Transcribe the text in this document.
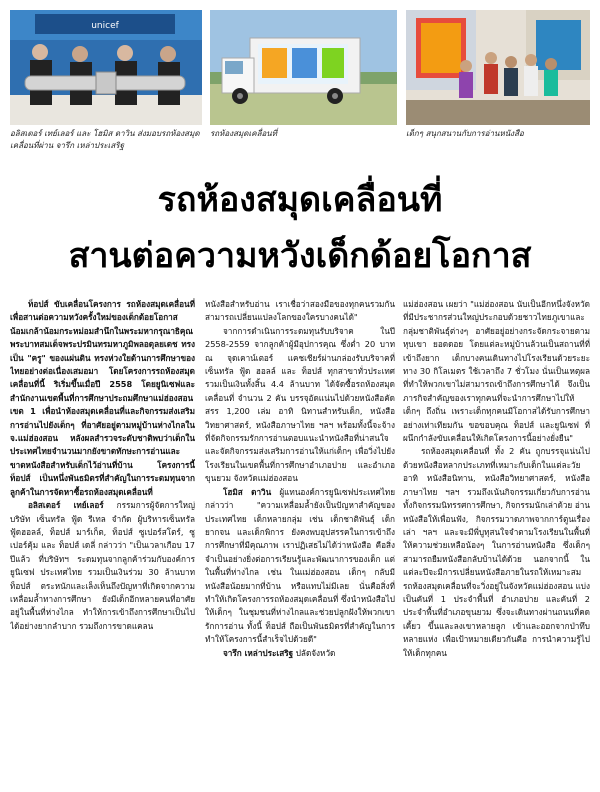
unicef
อลิสเตอร์ เทย์เลอร์ และ โฮมิส ดาวิน ส่งมอบรถห้องสมุดเคลื่อนที่ผ่าน จารึก เหล่าประเสริฐ
รถห้องสมุดเคลื่อนที่	เด็กๆ สนุกสนานกับการอ่านหนังสือ
รถห้องสมุดเคลื่อนที่
สานต่อความหวังเด็กด้อยโอกาส

ท็อปส์ ขับเคลื่อนโครงการ รถห้องสมุดเคลื่อนที่ เพื่อสานต่อความหวังครั้งใหม่ของเด็กด้อยโอกาส น้อมเกล้าน้อมกระหม่อมสำนึกในพระมหากรุณาธิคุณ พระบาทสมเด็จพระปรมินทรมหาภูมิพลอดุลยเดช ทรงเป็น "ครู" ของแผ่นดิน ทรงห่วงใยด้านการศึกษาของไทยอย่างต่อเนื่องเสมอมา โดยโครงการรถห้องสมุดเคลื่อนที่นี้ ริเริ่มขึ้นเมื่อปี 2558 โดยยูนิเซฟและสำนักงานเขตพื้นที่การศึกษาประถมศึกษาแม่ฮ่องสอน เขต 1 เพื่อนำห้องสมุดเคลื่อนที่และกิจกรรมส่งเสริมการอ่านไปยังเด็กๆ ที่อาศัยอยู่ตามหมู่บ้านห่างไกลใน จ.แม่ฮ่องสอน หลังผลสำรวจระดับชาติพบว่าเด็กในประเทศไทยจำนวนมากยังขาดทักษะการอ่านและขาดหนังสือสำหรับเด็กไว้อ่านที่บ้าน โครงการนี้ ท็อปส์ เป็นหนึ่งพันธมิตรที่สำคัญในการระดมทุนจากลูกค้าในการจัดหาซื้อรถห้องสมุดเคลื่อนที่

อลิสเตอร์ เทย์เลอร์ กรรมการผู้จัดการใหญ่ บริษัท เซ็นทรัล ฟู้ด รีเทล จำกัด ผู้บริหารเซ็นทรัล ฟู้ดฮอลล์, ท็อปส์ มาร์เก็ต, ท็อปส์ ซูเปอร์สโตร์, ซูเปอร์คุ้ม และ ท็อปส์ เดลี่ กล่าวว่า "เป็นเวลาเกือบ 17 ปีแล้ว ที่บริษัทฯ ระดมทุนจากลูกค้าร่วมกับองค์การยูนิเซฟ ประเทศไทย รวมเป็นเงินร่วม 30 ล้านบาท ท็อปส์ ตระหนักและเล็งเห็นถึงปัญหาที่เกิดจากความเหลื่อมล้ำทางการศึกษา ยังมีเด็กอีกหลายคนที่อาศัยอยู่ในพื้นที่ห่างไกล ทำให้การเข้าถึงการศึกษาเป็นไปได้อย่างยากลำบาก รวมถึงการขาดแคลน

หนังสือสำหรับอ่าน เราเชื่อว่าสองมือของทุกคนรวมกัน สามารถเปลี่ยนแปลงโลกของใครบางคนได้"

จากการดำเนินการระดมทุนรับบริจาค ในปี 2558-2559 จากลูกค้าผู้มีอุปการคุณ ซึ่งต่ำ 20 บาท ณ จุดเคาน์เตอร์ แคชเชียร์ผ่านกล่องรับบริจาคที่ เซ็นทรัล ฟู้ด ฮอลล์ และ ท็อปส์ ทุกสาขาทั่วประเทศ รวมเป็นเงินทั้งสิ้น 4.4 ล้านบาท ได้จัดซื้อรถห้องสมุดเคลื่อนที่ จำนวน 2 คัน บรรจุอัดแน่นไปด้วยหนังสือคัดสรร 1,200 เล่ม อาทิ นิทานสำหรับเด็ก, หนังสือวิทยาศาสตร์, หนังสือภาษาไทย ฯลฯ พร้อมทั้งนี้จะจ้างที่จัดกิจกรรมรักการอ่านตอบแนะนำหนังสือที่น่าสนใจและจัดกิจกรรมส่งเสริมการอ่านให้แก่เด็กๆ เพื่อวิ่งไปยังโรงเรียนในเขตพื้นที่การศึกษาอำเภอปาย และอำเภอขุนยวม จังหวัดแม่ฮ่องสอน

โฮมิส ดาวิน ผู้แทนองค์การยูนิเซฟประเทศไทย กล่าวว่า "ความเหลื่อมล้ำยังเป็นปัญหาสำคัญของประเทศไทย เด็กหลายกลุ่ม เช่น เด็กชาติพันธุ์ เด็กยากจน และเด็กพิการ ยังคงพบอุปสรรคในการเข้าถึงการศึกษาที่มีคุณภาพ เราปฏิเสธไม่ได้ว่าหนังสือ คือสิ่งจำเป็นอย่างยิ่งต่อการเรียนรู้และพัฒนาการของเด็ก แต่ในพื้นที่ห่างไกล เช่น ในแม่ฮ่องสอน เด็กๆ กลับมีหนังสือน้อยมากที่บ้าน หรือแทบไม่มีเลย นั่นคือสิ่งที่ทำให้เกิดโครงการรถห้องสมุดเคลื่อนที่ ซึ่งนำหนังสือไปให้เด็กๆ ในชุมชนที่ห่างไกลและช่วยปลูกฝังให้พวกเขารักการอ่าน ทั้งนี้ ท็อปส์ ถือเป็นพันธมิตรที่สำคัญในการทำให้โครงการนี้สำเร็จไปด้วยดี"

จารึก เหล่าประเสริฐ ปลัดจังหวัด

แม่ฮ่องสอน เผยว่า "แม่ฮ่องสอน นับเป็นอีกหนึ่งจังหวัดที่มีประชากรส่วนใหญ่ประกอบด้วยชาวไทยภูเขาและกลุ่มชาติพันธุ์ต่างๆ อาศัยอยู่อย่างกระจัดกระจายตามหุบเขา ยอดดอย โดยแต่ละหมู่บ้านล้วนเป็นสถานที่ที่เข้าถึงยาก เด็กบางคนเดินทางไปโรงเรียนด้วยระยะทาง 30 กิโลเมตร ใช้เวลาถึง 7 ชั่วโมง นั่นเป็นเหตุผลที่ทำให้พวกเขาไม่สามารถเข้าถึงการศึกษาได้ จึงเป็นภารกิจสำคัญของเราทุกคนที่จะนำการศึกษาไปให้เด็กๆ ถึงถิ่น เพราะเด็กทุกคนมีโอกาสได้รับการศึกษาอย่างเท่าเทียมกัน ขอขอบคุณ ท็อปส์ และยูนิเซฟ ที่ผนึกกำลังขับเคลื่อนให้เกิดโครงการนี้อย่างยั่งยืน"

รถห้องสมุดเคลื่อนที่ ทั้ง 2 คัน ถูกบรรจุแน่นไปด้วยหนังสือหลากประเภทที่เหมาะกับเด็กในแต่ละวัย อาทิ หนังสือนิทาน, หนังสือวิทยาศาสตร์, หนังสือภาษาไทย ฯลฯ รวมถึงเน้นกิจกรรมเกี่ยวกับการอ่าน ทั้งกิจกรรมนิทรรศการศึกษา, กิจกรรมนักเล่าด้วย อ่านหนังสือให้เพื่อนฟัง, กิจกรรมวาดภาพจากการ์ตูนเรื่องเล่า ฯลฯ และจะมีพี่บูทุสนใจจำตามโรงเรียนในพื้นที่ ให้ความช่วยเหลือน้องๆ ในการอ่านหนังสือ ซึ่งเด็กๆ สามารถยืมหนังสือกลับบ้านได้ด้วย นอกจากนี้ ในแต่ละปีจะมีการเปลี่ยนหนังสือภายในรถให้เหมาะสม รถห้องสมุดเคลื่อนที่จะวิ่งอยู่ในจังหวัดแม่ฮ่องสอน แบ่งเป็นคันที่ 1 ประจำพื้นที่ อำเภอปาย และคันที่ 2 ประจำพื้นที่อำเภอขุนยวม ซึ่งจะเดินทางผ่านถนนที่คดเคี้ยว ขึ้นและลงเขาหลายลูก เข้าและออกจากป่าทึบหลายแห่ง เพื่อเป้าหมายเดียวกันคือ การนำความรู้ไปให้เด็กทุกคน
